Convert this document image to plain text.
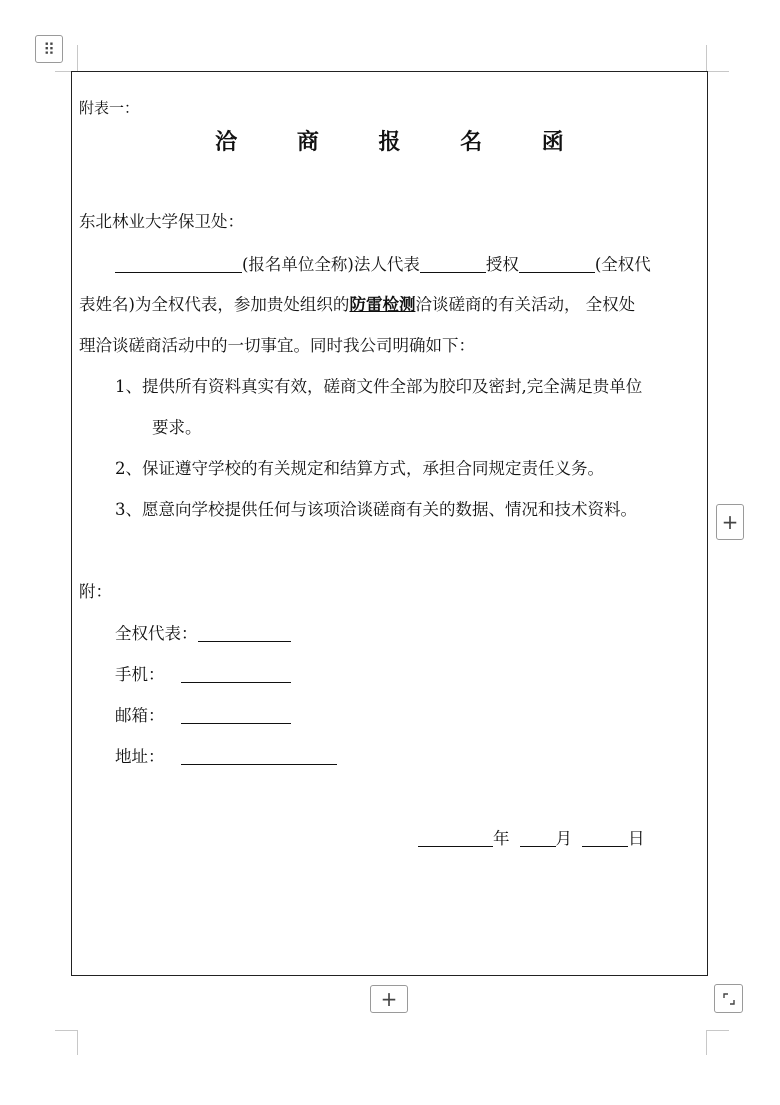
⠿
+
+
附表一：
洽 商 报 名 函
东北林业大学保卫处：
(报名单位全称)法人代表	授权	(全权代
表姓名)为全权代表，参加贵处组织的防雷检测洽谈磋商的有关活动， 全权处
理洽谈磋商活动中的一切事宜。同时我公司明确如下：
1、提供所有资料真实有效，磋商文件全部为胶印及密封,完全满足贵单位
要求。
2、保证遵守学校的有关规定和结算方式，承担合同规定责任义务。
3、愿意向学校提供任何与该项洽谈磋商有关的数据、情况和技术资料。
附：
全权代表：
手机：
邮箱：
地址：
年	月	日
